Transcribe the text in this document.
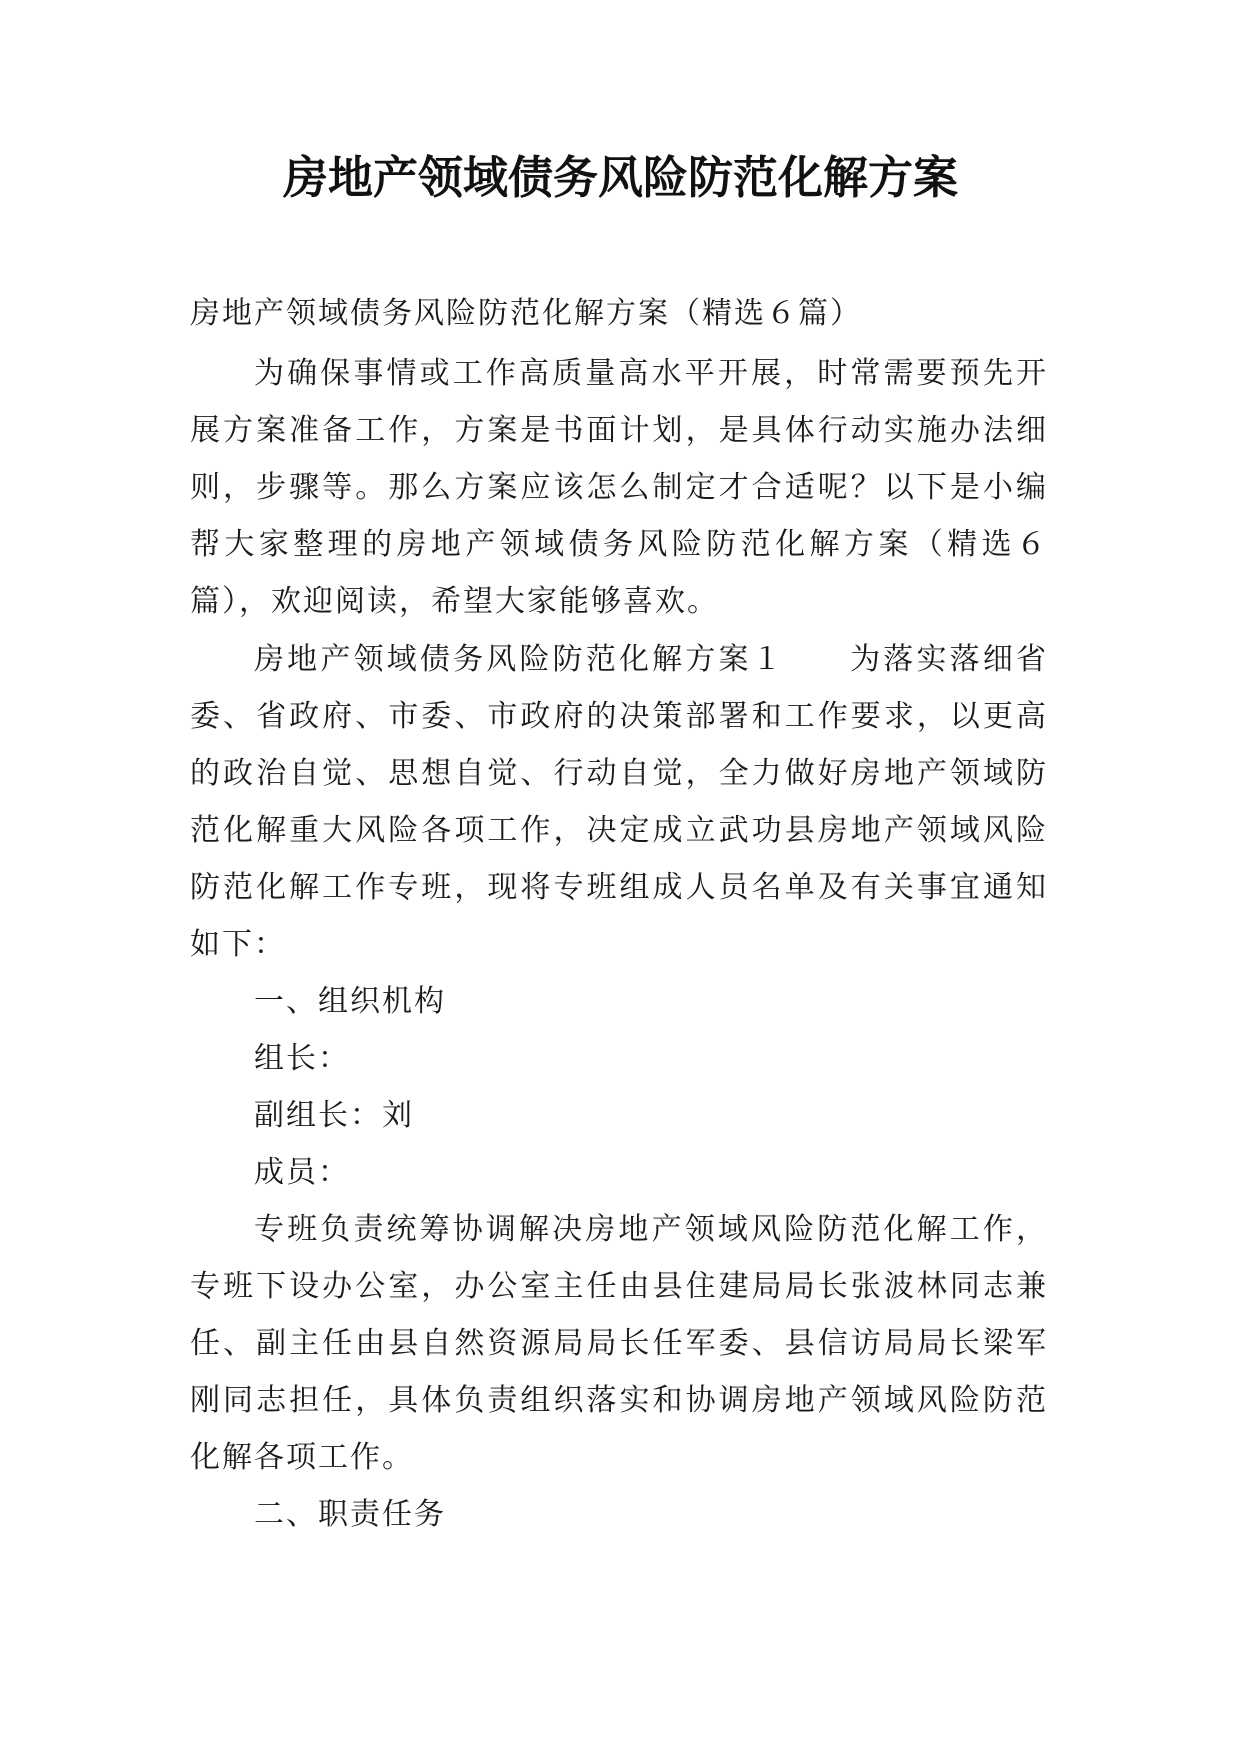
房地产领域债务风险防范化解方案

房地产领域债务风险防范化解方案（精选６篇）

为确保事情或工作高质量高水平开展，时常需要预先开展方案准备工作，方案是书面计划，是具体行动实施办法细则，步骤等。那么方案应该怎么制定才合适呢？以下是小编帮大家整理的房地产领域债务风险防范化解方案（精选６篇），欢迎阅读，希望大家能够喜欢。

房地产领域债务风险防范化解方案１ 为落实落细省委、省政府、市委、市政府的决策部署和工作要求，以更高的政治自觉、思想自觉、行动自觉，全力做好房地产领域防范化解重大风险各项工作，决定成立武功县房地产领域风险防范化解工作专班，现将专班组成人员名单及有关事宜通知如下：

一、组织机构

组长：

副组长：刘

成员：

专班负责统筹协调解决房地产领域风险防范化解工作，专班下设办公室，办公室主任由县住建局局长张波林同志兼任、副主任由县自然资源局局长任军委、县信访局局长梁军刚同志担任，具体负责组织落实和协调房地产领域风险防范化解各项工作。

二、职责任务
